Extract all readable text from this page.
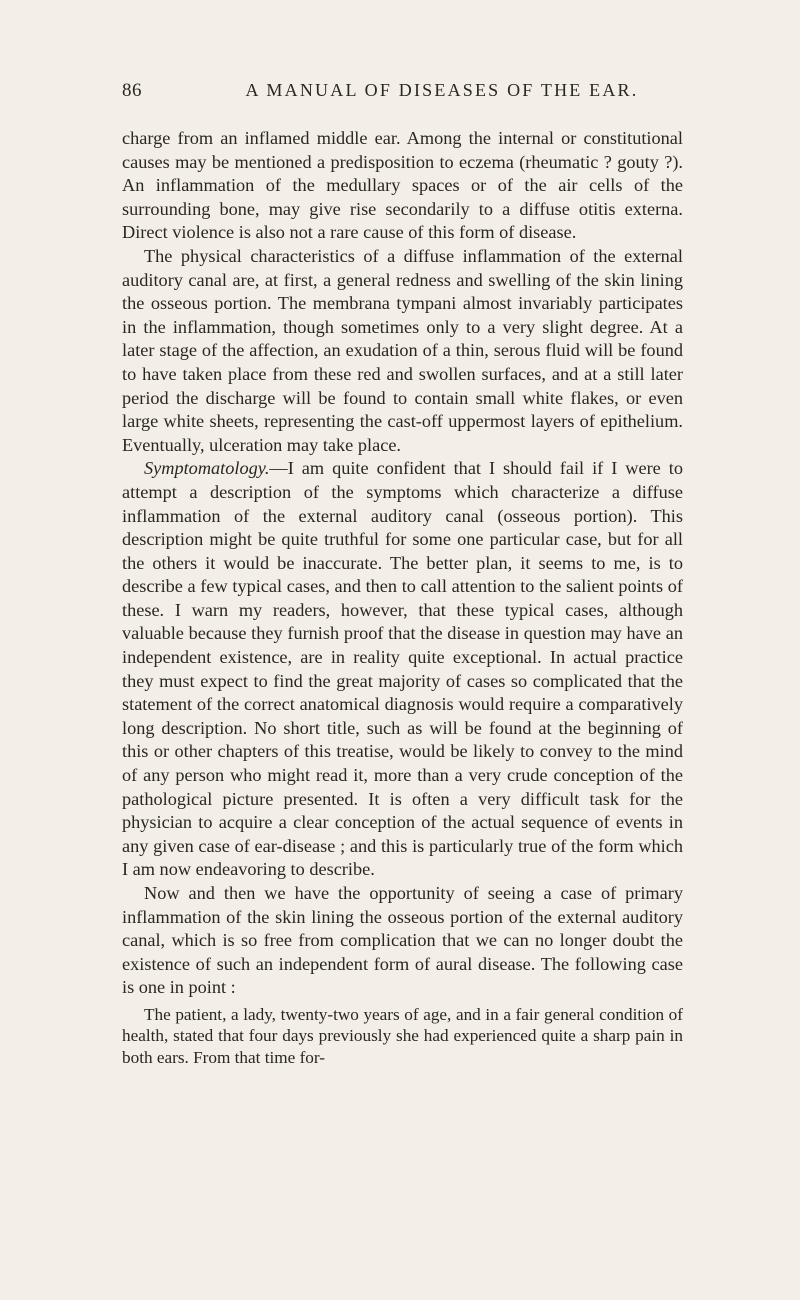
86	A MANUAL OF DISEASES OF THE EAR.

charge from an inflamed middle ear. Among the internal or constitutional causes may be mentioned a predisposition to eczema (rheumatic ? gouty ?). An inflammation of the medullary spaces or of the air cells of the surrounding bone, may give rise secondarily to a diffuse otitis externa. Direct violence is also not a rare cause of this form of disease.

The physical characteristics of a diffuse inflammation of the external auditory canal are, at first, a general redness and swelling of the skin lining the osseous portion. The membrana tympani almost invariably participates in the inflammation, though sometimes only to a very slight degree. At a later stage of the affection, an exudation of a thin, serous fluid will be found to have taken place from these red and swollen surfaces, and at a still later period the discharge will be found to contain small white flakes, or even large white sheets, representing the cast-off uppermost layers of epithelium. Eventually, ulceration may take place.

Symptomatology.—I am quite confident that I should fail if I were to attempt a description of the symptoms which characterize a diffuse inflammation of the external auditory canal (osseous portion). This description might be quite truthful for some one particular case, but for all the others it would be inaccurate. The better plan, it seems to me, is to describe a few typical cases, and then to call attention to the salient points of these. I warn my readers, however, that these typical cases, although valuable because they furnish proof that the disease in question may have an independent existence, are in reality quite exceptional. In actual practice they must expect to find the great majority of cases so complicated that the statement of the correct anatomical diagnosis would require a comparatively long description. No short title, such as will be found at the beginning of this or other chapters of this treatise, would be likely to convey to the mind of any person who might read it, more than a very crude conception of the pathological picture presented. It is often a very difficult task for the physician to acquire a clear conception of the actual sequence of events in any given case of ear-disease ; and this is particularly true of the form which I am now endeavoring to describe.

Now and then we have the opportunity of seeing a case of primary inflammation of the skin lining the osseous portion of the external auditory canal, which is so free from complication that we can no longer doubt the existence of such an independent form of aural disease. The following case is one in point :

The patient, a lady, twenty-two years of age, and in a fair general condition of health, stated that four days previously she had experienced quite a sharp pain in both ears. From that time for-
